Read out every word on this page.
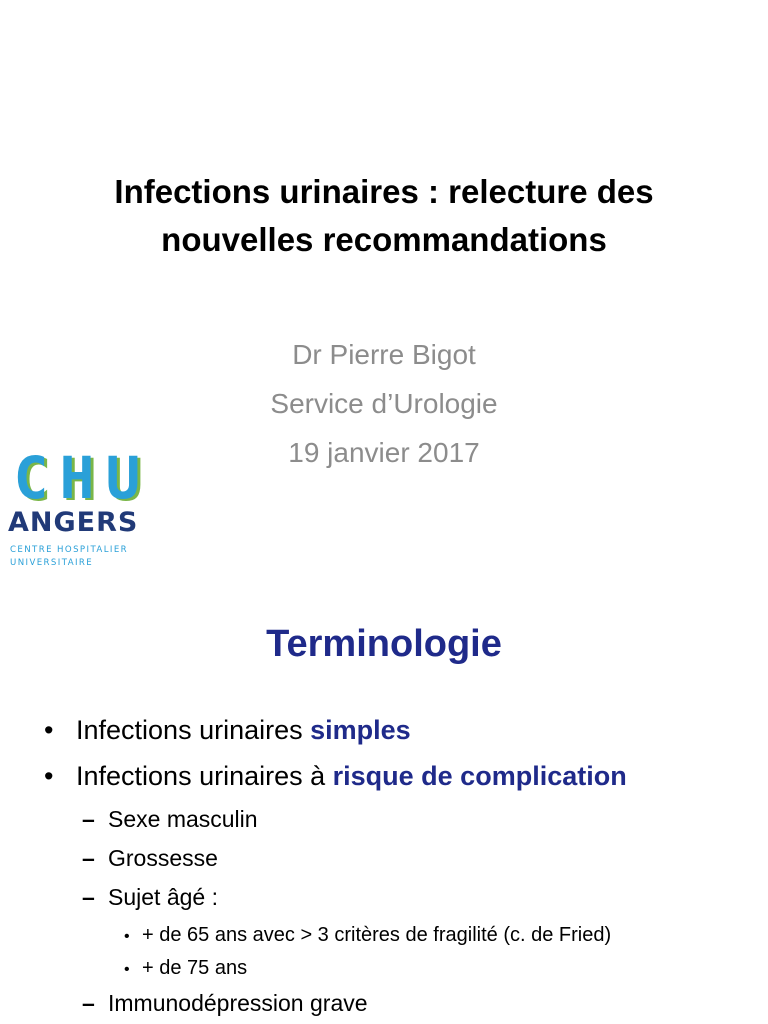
Infections urinaires : relecture des
nouvelles recommandations
Dr Pierre Bigot
Service d’Urologie
19 janvier 2017
C H U
ANGERS
CENTRE HOSPITALIER
UNIVERSITAIRE
Terminologie
• Infections urinaires simples
• Infections urinaires à risque de complication
– Sexe masculin
– Grossesse
– Sujet âgé :
• + de 65 ans avec > 3 critères de fragilité (c. de Fried)
• + de 75 ans
– Immunodépression grave
